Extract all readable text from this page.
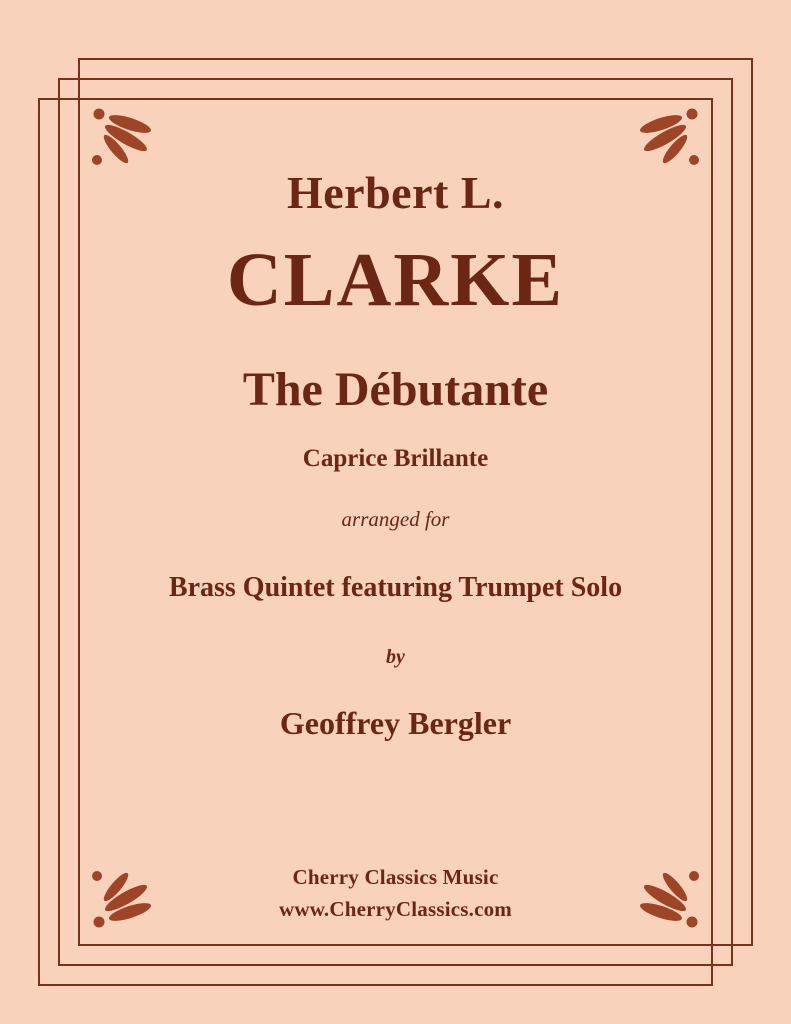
Herbert L.
CLARKE
The Débutante
Caprice Brillante
arranged for
Brass Quintet featuring Trumpet Solo
by
Geoffrey Bergler
Cherry Classics Music
www.CherryClassics.com
